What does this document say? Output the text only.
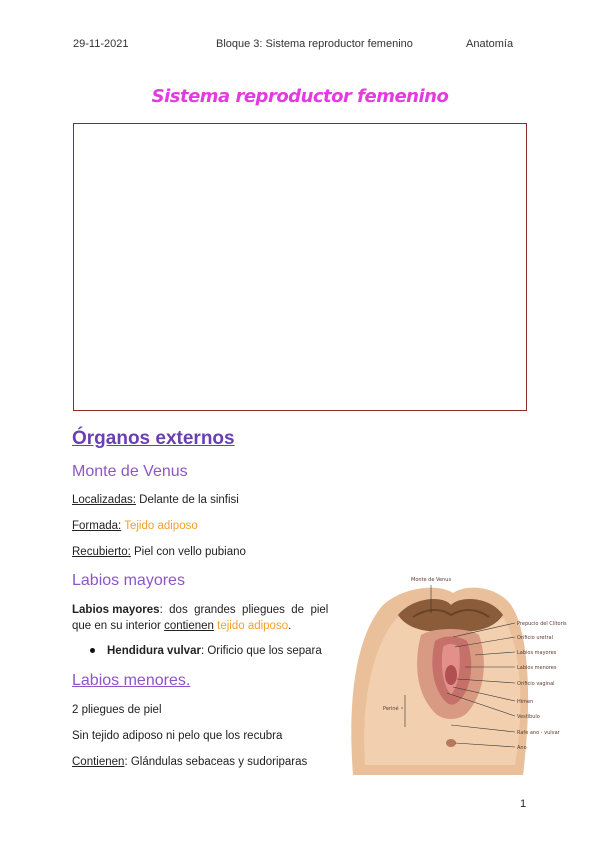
29-11-2021	Bloque 3: Sistema reproductor femenino	Anatomía
Sistema reproductor femenino
Órganos externos
Monte de Venus
Localizadas: Delante de la sinfisi
Formada: Tejido adiposo
Recubierto: Piel con vello pubiano
Labios mayores
Labios mayores:  dos  grandes  pliegues  de  piel
que en su interior contienen tejido adiposo.
Hendidura vulvar: Orificio que los separa
Labios menores.
2 pliegues de piel
Sin tejido adiposo ni pelo que los recubra
Contienen: Glándulas sebaceas y sudoriparas
Monte de Venus
Prepucio del Clítoris
Orificio uretral
Labios mayores
Labios menores
Orificio vaginal
Himen
Vestíbulo
Rafe ano - vulvar
Ano
Periné
1
